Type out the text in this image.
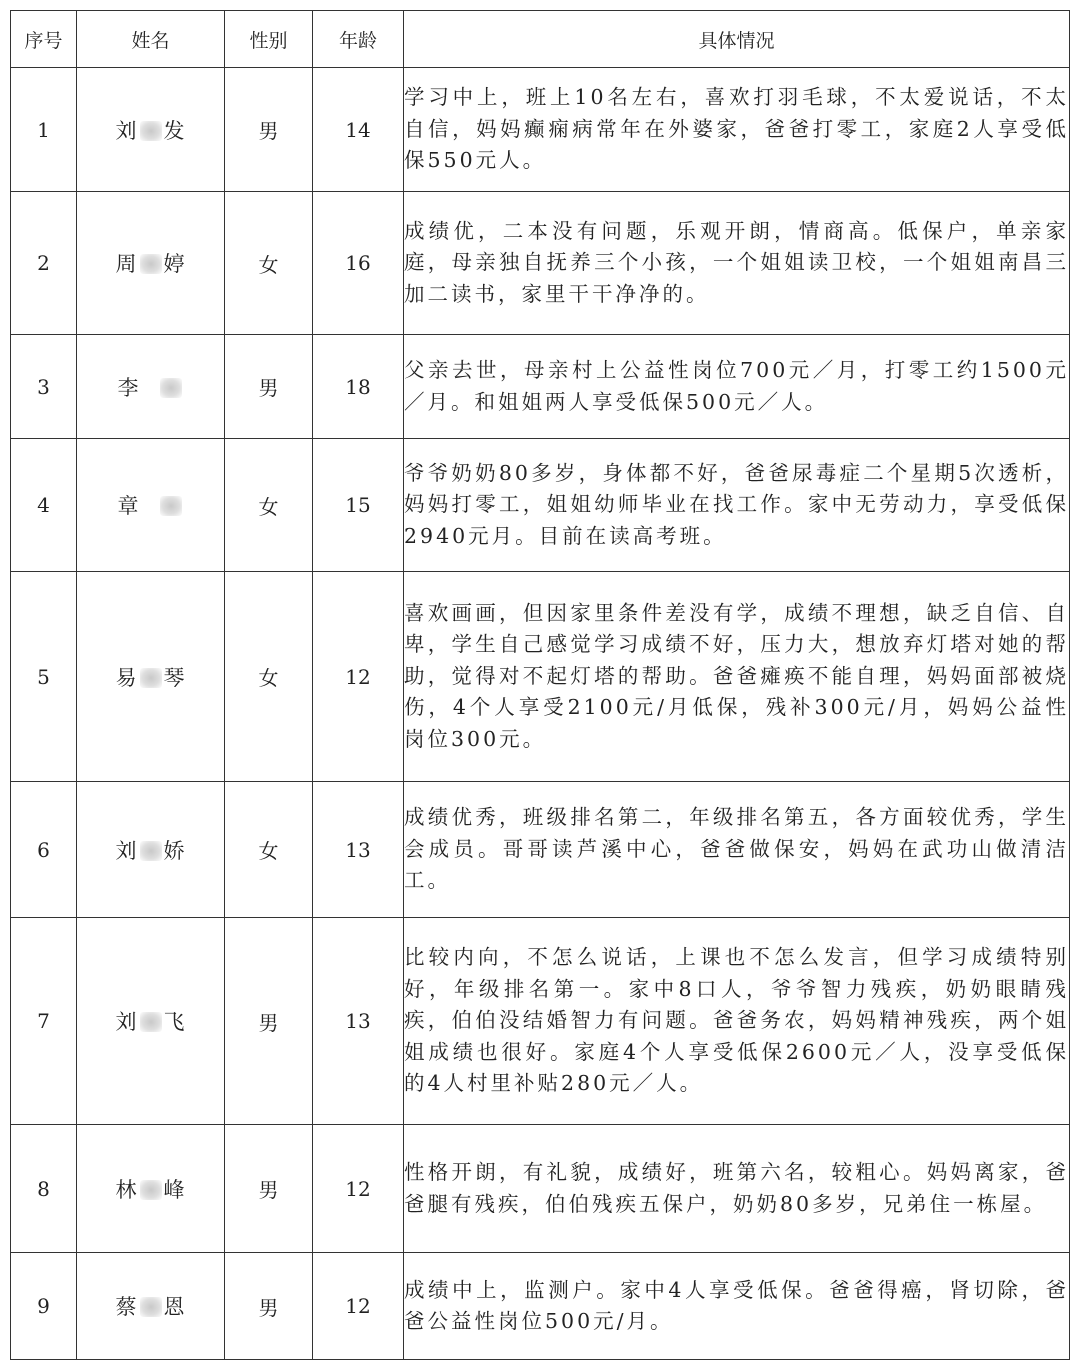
序号	姓名	性别	年龄	具体情况
1	刘 发	男	14	学习中上，班上10名左右，喜欢打羽毛球，不太爱说话，不太自信，妈妈癫痫病常年在外婆家，爸爸打零工，家庭2人享受低保550元人。
2	周 婷	女	16	成绩优，二本没有问题，乐观开朗，情商高。低保户，单亲家庭，母亲独自抚养三个小孩，一个姐姐读卫校，一个姐姐南昌三加二读书，家里干干净净的。
3	李	男	18	父亲去世，母亲村上公益性岗位700元／月，打零工约1500元／月。和姐姐两人享受低保500元／人。
4	章	女	15	爷爷奶奶80多岁，身体都不好，爸爸尿毒症二个星期5次透析，妈妈打零工，姐姐幼师毕业在找工作。家中无劳动力，享受低保2940元月。目前在读高考班。
5	易 琴	女	12	喜欢画画，但因家里条件差没有学，成绩不理想，缺乏自信、自卑，学生自己感觉学习成绩不好，压力大，想放弃灯塔对她的帮助，觉得对不起灯塔的帮助。爸爸瘫痪不能自理，妈妈面部被烧伤，4个人享受2100元/月低保，残补300元/月，妈妈公益性岗位300元。
6	刘 娇	女	13	成绩优秀，班级排名第二，年级排名第五，各方面较优秀，学生会成员。哥哥读芦溪中心，爸爸做保安，妈妈在武功山做清洁工。
7	刘 飞	男	13	比较内向，不怎么说话，上课也不怎么发言，但学习成绩特别好，年级排名第一。家中8口人，爷爷智力残疾，奶奶眼睛残疾，伯伯没结婚智力有问题。爸爸务农，妈妈精神残疾，两个姐姐成绩也很好。家庭4个人享受低保2600元／人，没享受低保的4人村里补贴280元／人。
8	林 峰	男	12	性格开朗，有礼貌，成绩好，班第六名，较粗心。妈妈离家，爸爸腿有残疾，伯伯残疾五保户，奶奶80多岁，兄弟住一栋屋。
9	蔡 恩	男	12	成绩中上，监测户。家中4人享受低保。爸爸得癌，肾切除，爸爸公益性岗位500元/月。
